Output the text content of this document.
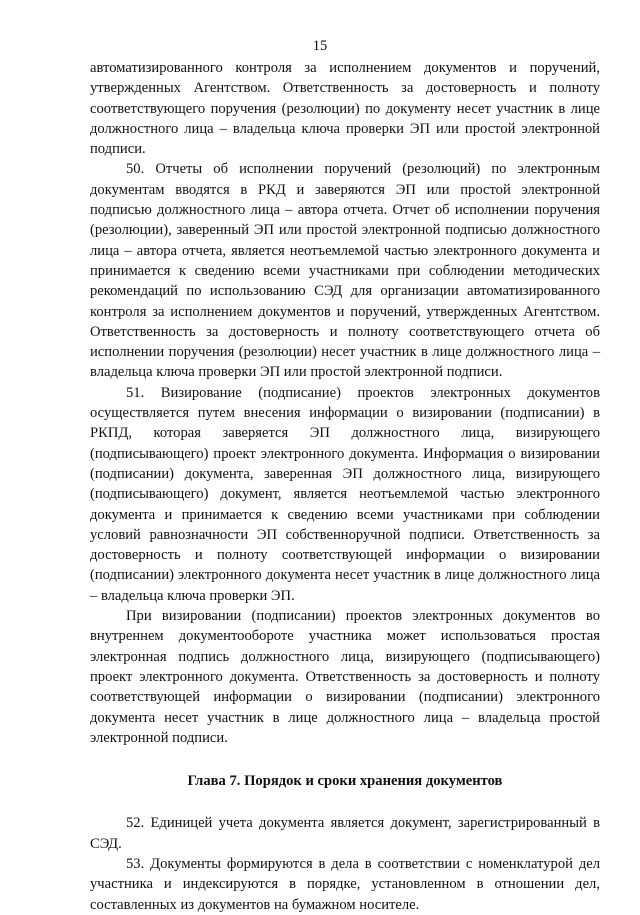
15

автоматизированного контроля за исполнением документов и поручений, утвержденных Агентством. Ответственность за достоверность и полноту соответствующего поручения (резолюции) по документу несет участник в лице должностного лица – владельца ключа проверки ЭП или простой электронной подписи.

50. Отчеты об исполнении поручений (резолюций) по электронным документам вводятся в РКД и заверяются ЭП или простой электронной подписью должностного лица – автора отчета. Отчет об исполнении поручения (резолюции), заверенный ЭП или простой электронной подписью должностного лица – автора отчета, является неотъемлемой частью электронного документа и принимается к сведению всеми участниками при соблюдении методических рекомендаций по использованию СЭД для организации автоматизированного контроля за исполнением документов и поручений, утвержденных Агентством. Ответственность за достоверность и полноту соответствующего отчета об исполнении поручения (резолюции) несет участник в лице должностного лица – владельца ключа проверки ЭП или простой электронной подписи.

51. Визирование (подписание) проектов электронных документов осуществляется путем внесения информации о визировании (подписании) в РКПД, которая заверяется ЭП должностного лица, визирующего (подписывающего) проект электронного документа. Информация о визировании (подписании) документа, заверенная ЭП должностного лица, визирующего (подписывающего) документ, является неотъемлемой частью электронного документа и принимается к сведению всеми участниками при соблюдении условий равнозначности ЭП собственноручной подписи. Ответственность за достоверность и полноту соответствующей информации о визировании (подписании) электронного документа несет участник в лице должностного лица – владельца ключа проверки ЭП.

При визировании (подписании) проектов электронных документов во внутреннем документообороте участника может использоваться простая электронная подпись должностного лица, визирующего (подписывающего) проект электронного документа. Ответственность за достоверность и полноту соответствующей информации о визировании (подписании) электронного документа несет участник в лице должностного лица – владельца простой электронной подписи.

Глава 7. Порядок и сроки хранения документов

52. Единицей учета документа является документ, зарегистрированный в СЭД.

53. Документы формируются в дела в соответствии с номенклатурой дел участника и индексируются в порядке, установленном в отношении дел, составленных из документов на бумажном носителе.
